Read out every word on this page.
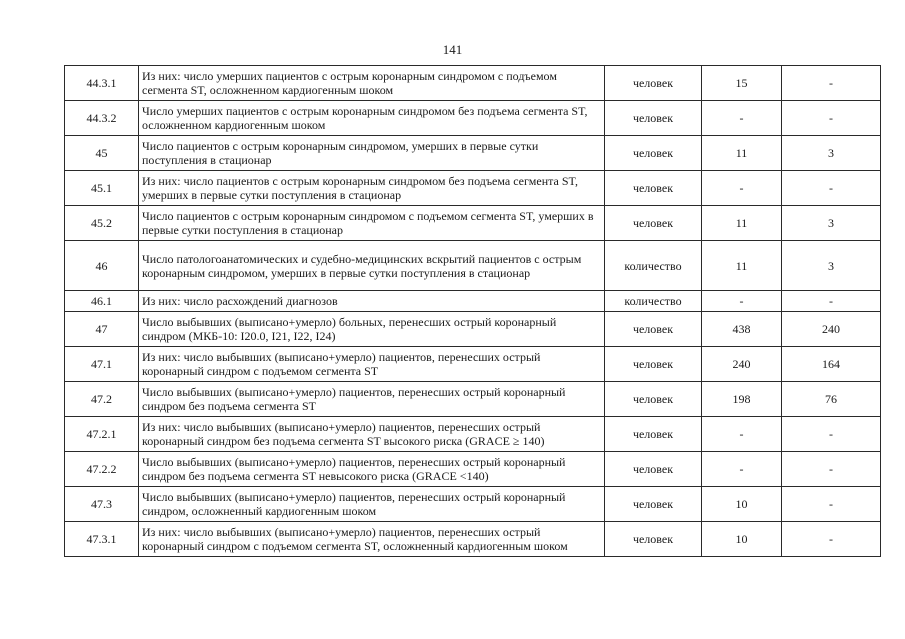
141
44.3.1	Из них: число умерших пациентов с острым коронарным синдромом с подъемом сегмента ST, осложненном кардиогенным шоком	человек	15	-
44.3.2	Число умерших пациентов с острым коронарным синдромом без подъема сегмента ST, осложненном кардиогенным шоком	человек	-	-
45	Число пациентов с острым коронарным синдромом, умерших в первые сутки поступления в стационар	человек	11	3
45.1	Из них: число пациентов с острым коронарным синдромом без подъема сегмента ST, умерших в первые сутки поступления в стационар	человек	-	-
45.2	Число пациентов с острым коронарным синдромом с подъемом сегмента ST, умерших в первые сутки поступления в стационар	человек	11	3
46	Число патологоанатомических и судебно-медицинских вскрытий пациентов с острым коронарным синдромом, умерших в первые сутки поступления в стационар	количество	11	3
46.1	Из них: число расхождений диагнозов	количество	-	-
47	Число выбывших (выписано+умерло) больных, перенесших острый коронарный синдром (МКБ-10: I20.0, I21, I22, I24)	человек	438	240
47.1	Из них: число выбывших (выписано+умерло) пациентов, перенесших острый коронарный синдром с подъемом сегмента ST	человек	240	164
47.2	Число выбывших (выписано+умерло) пациентов, перенесших острый коронарный синдром без подъема сегмента ST	человек	198	76
47.2.1	Из них: число выбывших (выписано+умерло) пациентов, перенесших острый коронарный синдром без подъема сегмента ST высокого риска (GRACE ≥ 140)	человек	-	-
47.2.2	Число выбывших (выписано+умерло) пациентов, перенесших острый коронарный синдром без подъема сегмента ST невысокого риска (GRACE <140)	человек	-	-
47.3	Число выбывших (выписано+умерло) пациентов, перенесших острый коронарный синдром, осложненный кардиогенным шоком	человек	10	-
47.3.1	Из них: число выбывших (выписано+умерло) пациентов, перенесших острый коронарный синдром с подъемом сегмента ST, осложненный кардиогенным шоком	человек	10	-
